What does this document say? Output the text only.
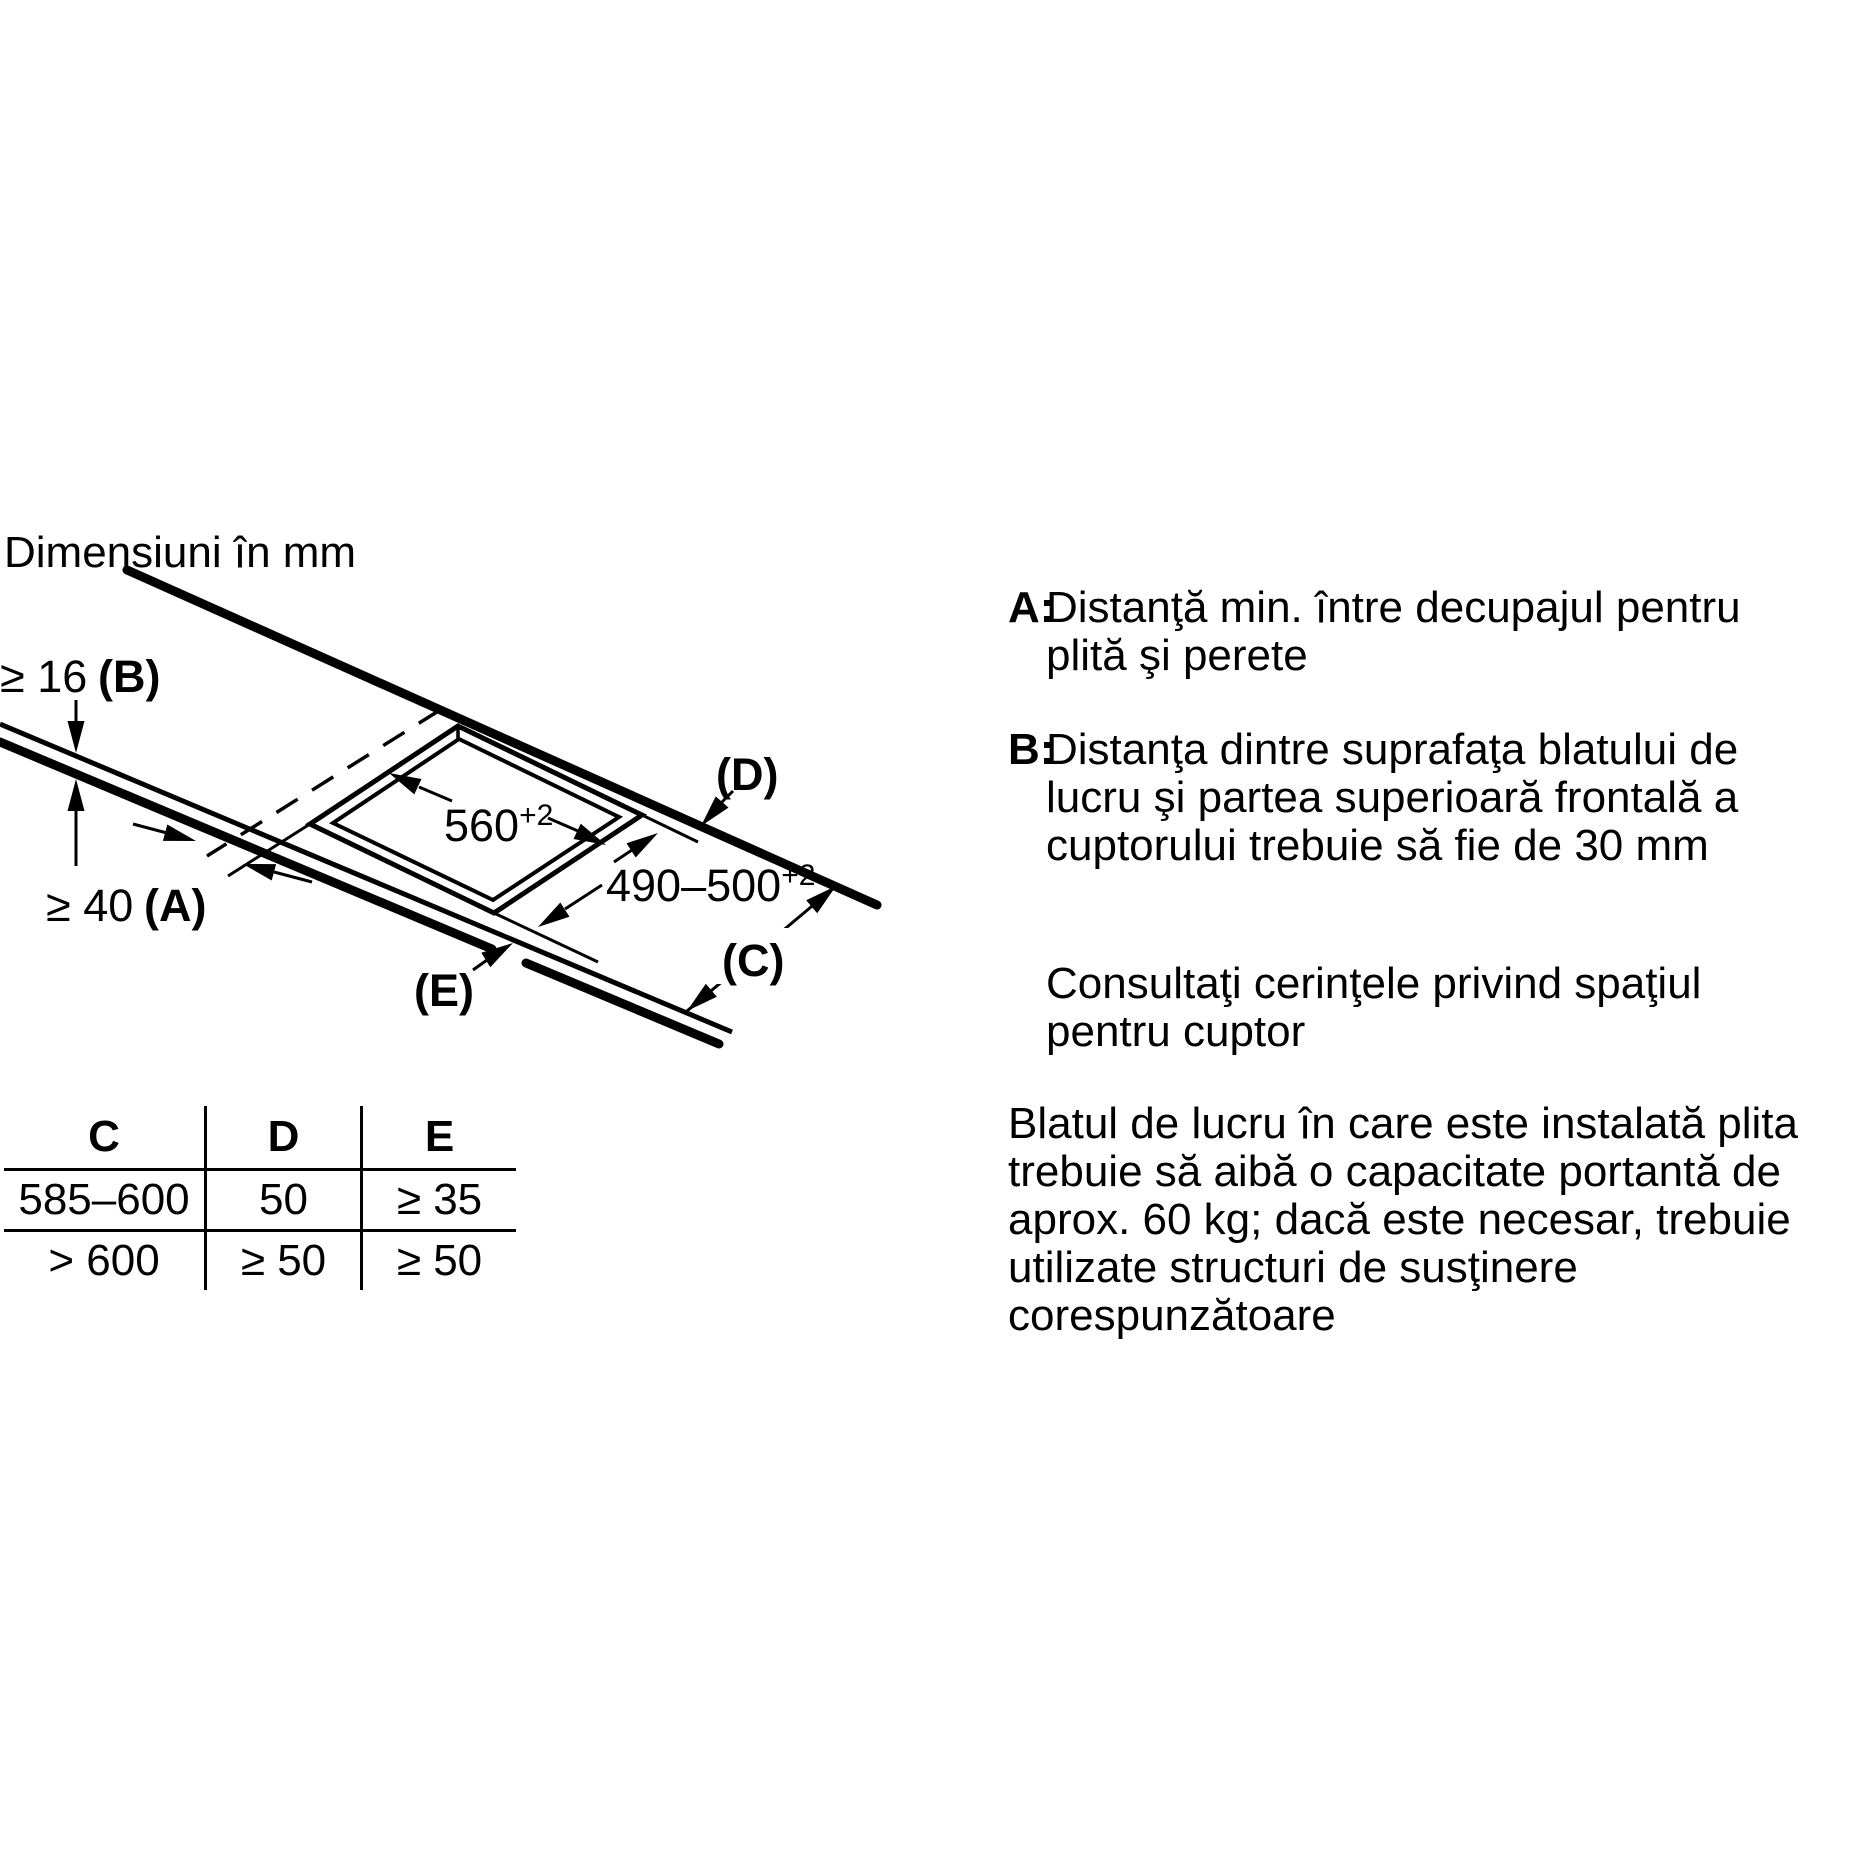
Dimensiuni în mm
≥ 16 (B)
≥ 40 (A)
$560^{+2}$
$490-500^{+2}$
(D)
(C)
(E)
C	D	E
585–600	50	≥ 35
> 600	≥ 50	≥ 50
A:
Distanţă min. între decupajul pentru
plită şi perete
B:
Distanţa dintre suprafaţa blatului de
lucru şi partea superioară frontală a
cuptorului trebuie să fie de 30 mm
Consultaţi cerinţele privind spaţiul
pentru cuptor
Blatul de lucru în care este instalată plita
trebuie să aibă o capacitate portantă de
aprox. 60 kg; dacă este necesar, trebuie
utilizate structuri de susţinere
corespunzătoare
